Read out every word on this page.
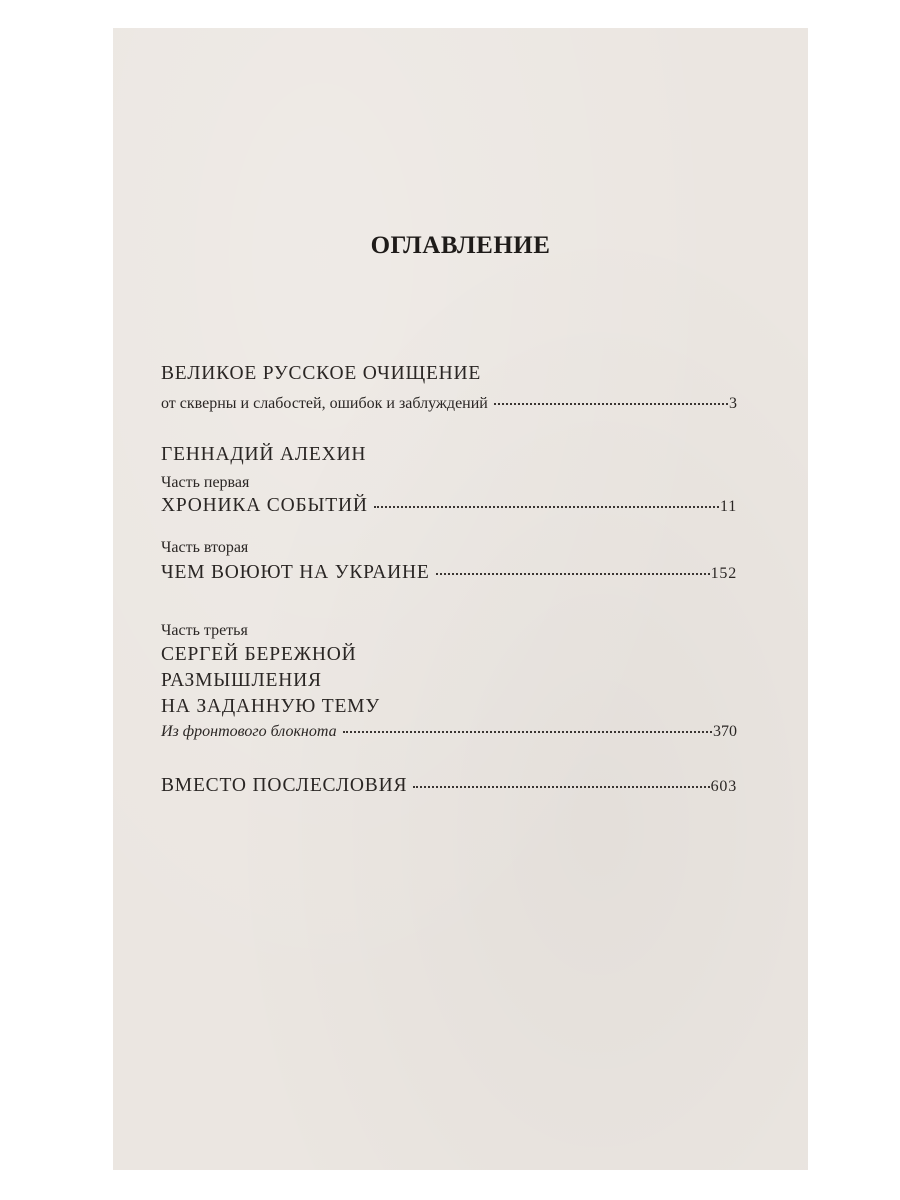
ОГЛАВЛЕНИЕ
ВЕЛИКОЕ РУССКОЕ ОЧИЩЕНИЕ
от скверны и слабостей, ошибок и заблуждений	3
ГЕННАДИЙ АЛЕХИН
Часть первая
ХРОНИКА СОБЫТИЙ	11
Часть вторая
ЧЕМ ВОЮЮТ НА УКРАИНЕ	152
Часть третья
СЕРГЕЙ БЕРЕЖНОЙ
РАЗМЫШЛЕНИЯ
НА ЗАДАННУЮ ТЕМУ
Из фронтового блокнота	370
ВМЕСТО ПОСЛЕСЛОВИЯ	603
